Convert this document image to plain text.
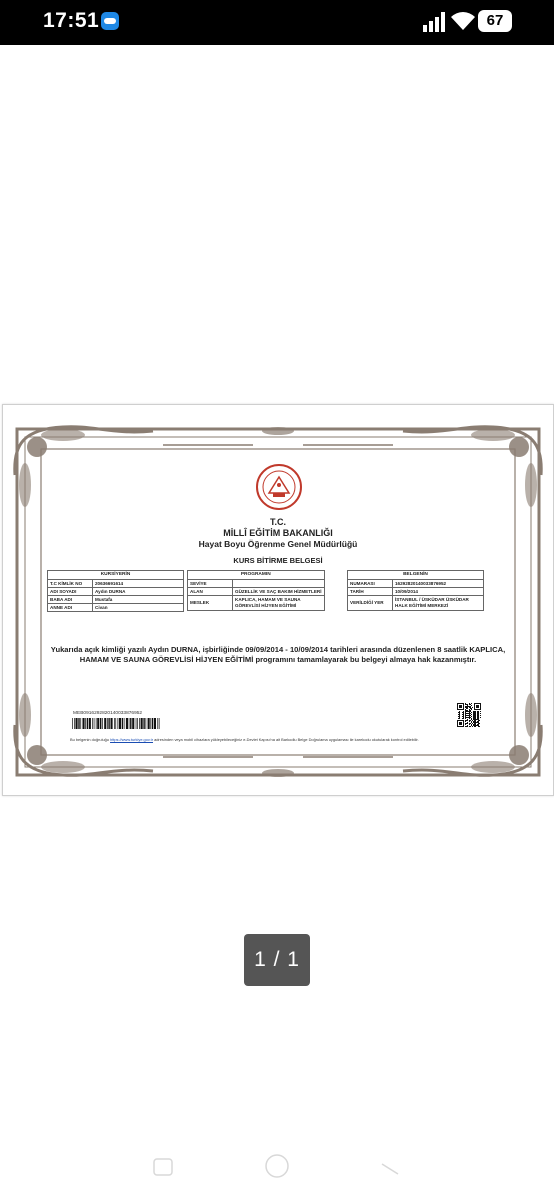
17:51	67
T.C.
MİLLÎ EĞİTİM BAKANLIĞI
Hayat Boyu Öğrenme Genel Müdürlüğü
KURS BİTİRME BELGESİ
KURSİYERİN	
T.C KİMLİK NO	20636691614
ADI SOYADI	Aydın DURNA
BABA ADI	Mustafa
ANNE ADI	Civan
PROGRAMIN	
SEVİYE	
ALAN	GÜZELLİK VE SAÇ BAKIM HİZMETLERİ
MESLEK	KAPLICA, HAMAM VE SAUNA GÖREVLİSİ HİJYEN EĞİTİMİ
BELGENİN	
NUMARASI	16292820140033876952
TARİH	10/09/2014
VERİLDİĞİ YER	İSTANBUL / ÜSKÜDAR ÜSKÜDAR HALK EĞİTİMİ MERKEZİ
Yukarıda açık kimliği yazılı Aydın DURNA, işbirliğinde 09/09/2014 - 10/09/2014 tarihleri arasında düzenlenen 8 saatlik KAPLICA, HAMAM VE SAUNA GÖREVLİSİ HİJYEN EĞİTİMİ programını tamamlayarak bu belgeyi almaya hak kazanmıştır.
MEB0916292820140033876952
Bu belgenin doğruluğu https://www.turkiye.gov.tr adresinden veya mobil cihazlara yükleyebileceğiniz e-Devlet Kapısı'na ait Barkodlu Belge Doğrulama uygulaması ile karekodu okutularak kontrol edilebilir.
1 / 1
